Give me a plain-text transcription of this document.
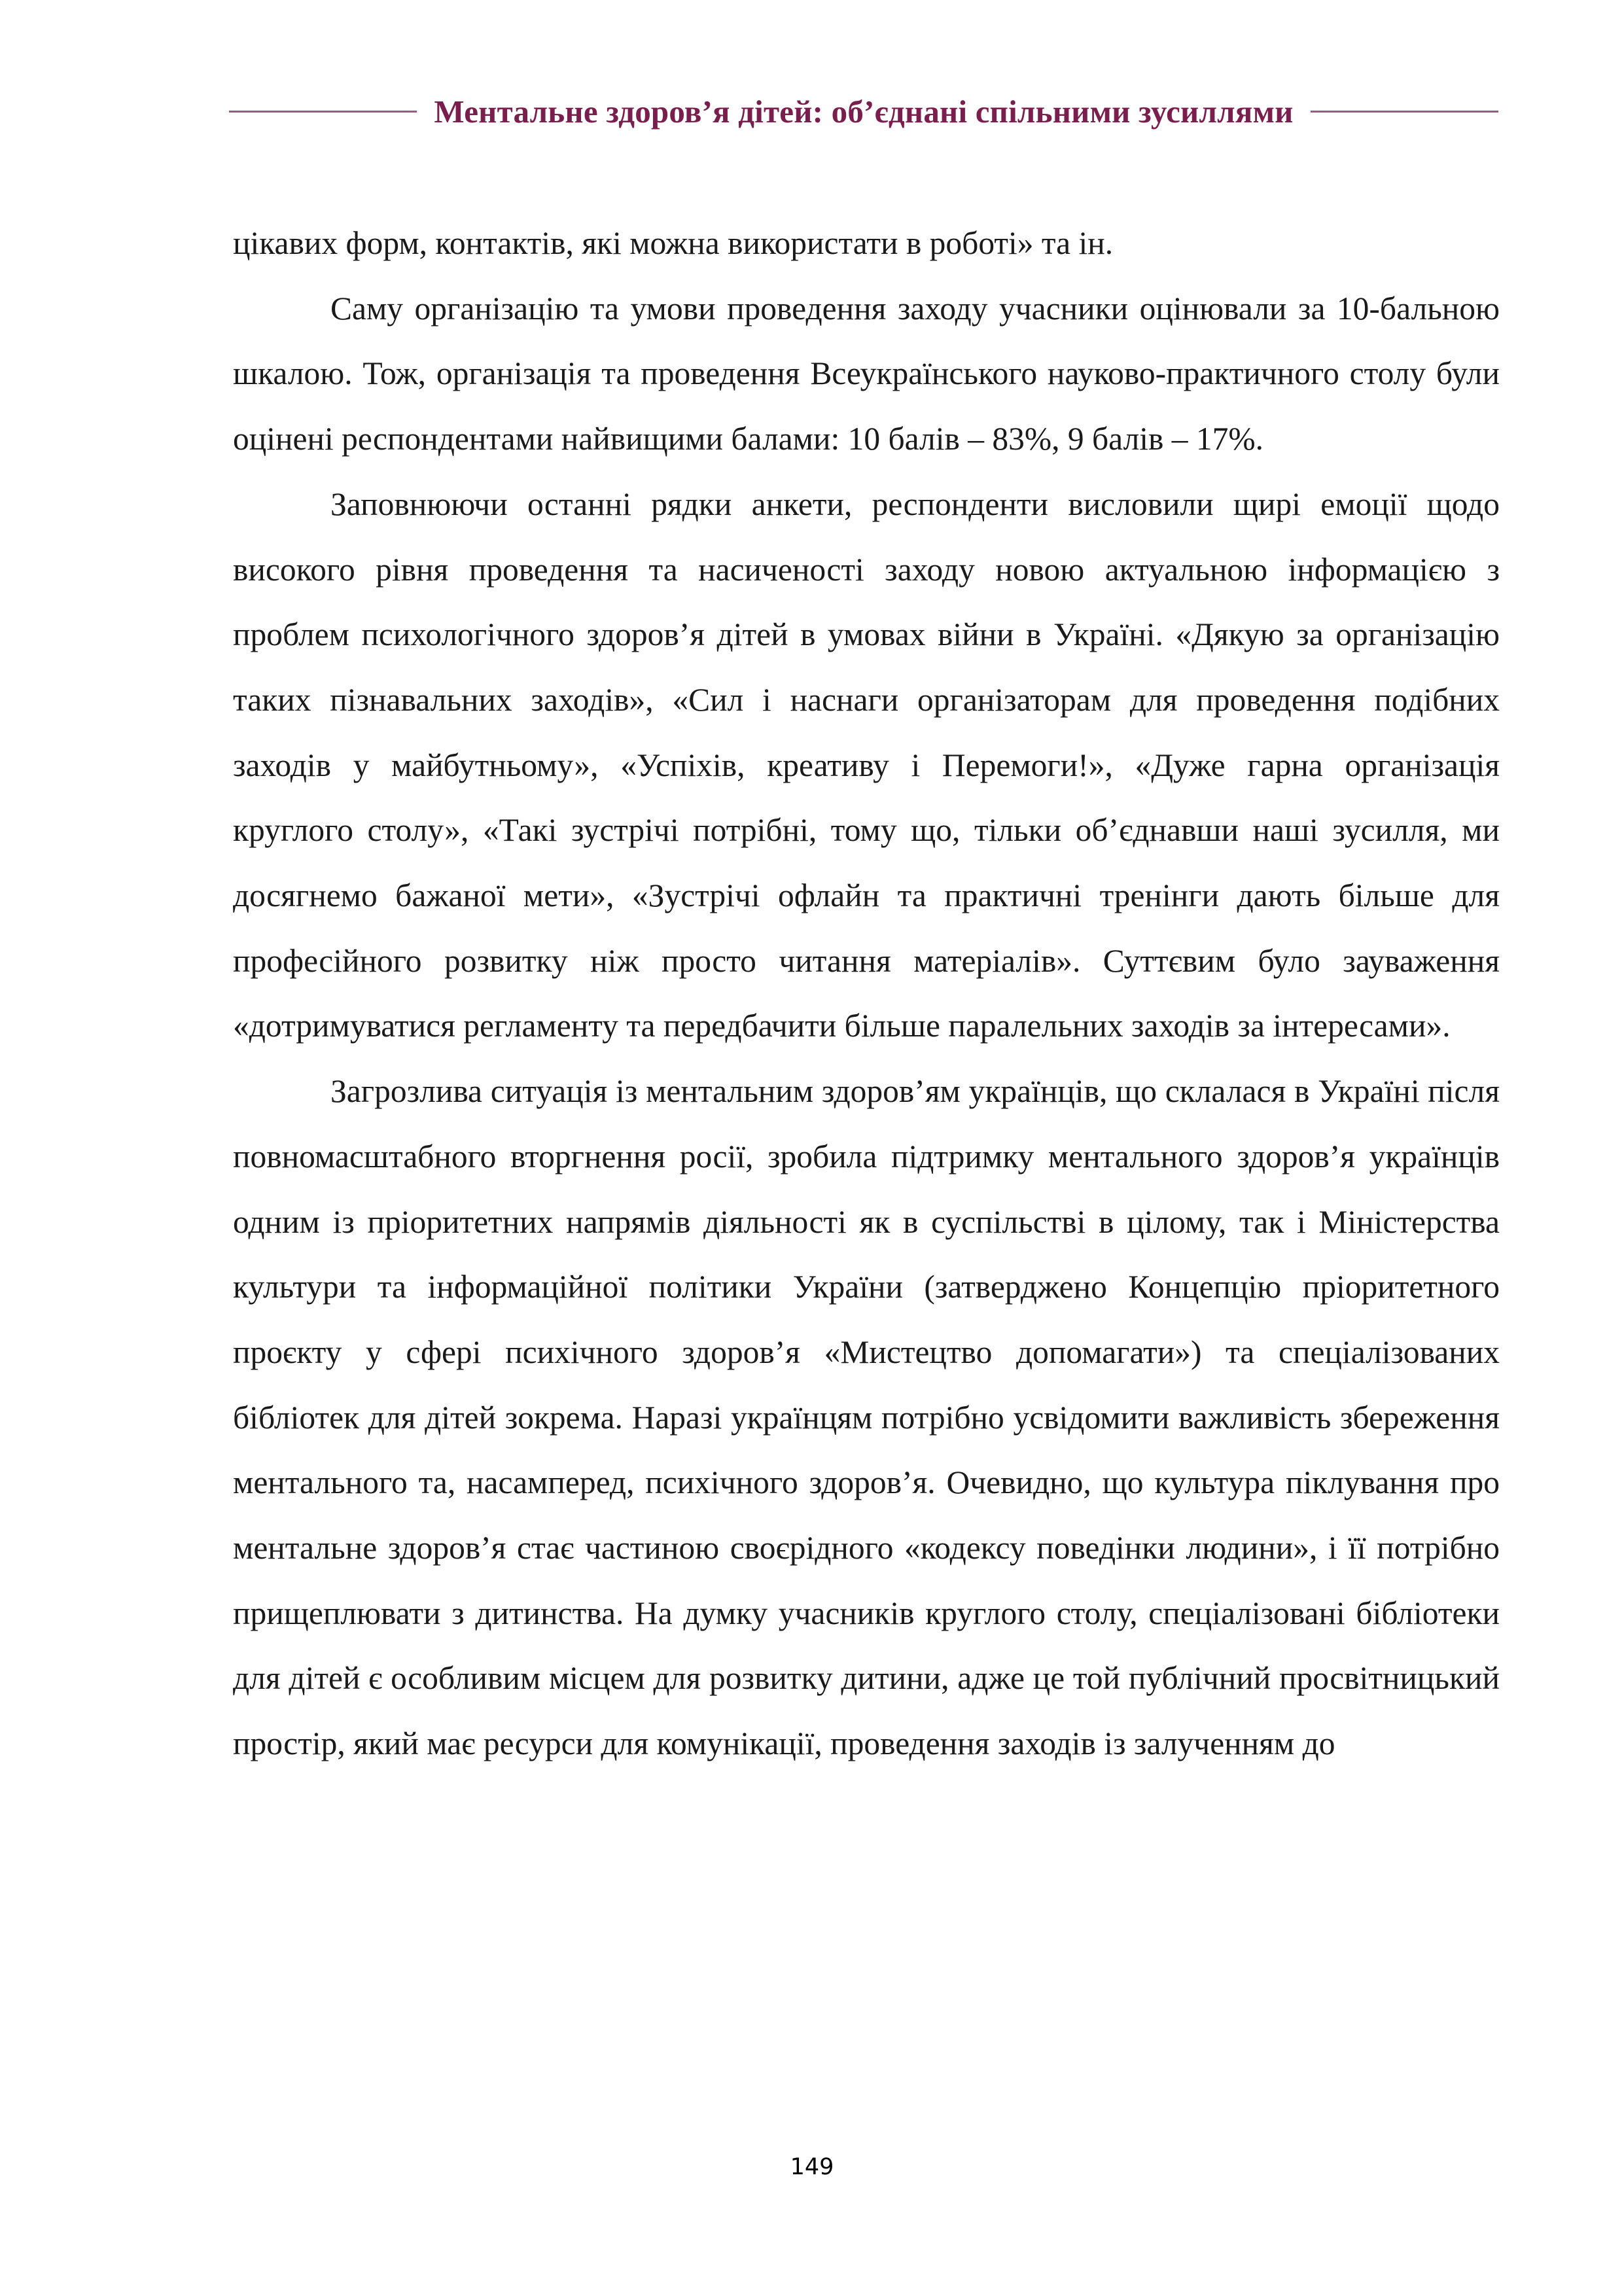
Ментальне здоров’я дітей: об’єднані спільними зусиллями

цікавих форм, контактів, які можна використати в роботі» та ін.

Саму організацію та умови проведення заходу учасники оцінювали за 10-бальною шкалою. Тож, організація та проведення Всеукраїнського науково-практичного столу були оцінені респондентами найвищими балами: 10 балів – 83%, 9 балів – 17%.

Заповнюючи останні рядки анкети, респонденти висловили щирі емоції щодо високого рівня проведення та насиченості заходу новою актуальною інформацією з проблем психологічного здоров’я дітей в умовах війни в Україні. «Дякую за організацію таких пізнавальних заходів», «Сил і наснаги організаторам для проведення подібних заходів у майбутньому», «Успіхів, креативу і Перемоги!», «Дуже гарна організація круглого столу», «Такі зустрічі потрібні, тому що, тільки об’єднавши наші зусилля, ми досягнемо бажаної мети», «Зустрічі офлайн та практичні тренінги дають більше для професійного розвитку ніж просто читання матеріалів». Суттєвим було зауваження «дотримуватися регламенту та передбачити більше паралельних заходів за інтересами».

Загрозлива ситуація із ментальним здоров’ям українців, що склалася в Україні після повномасштабного вторгнення росії, зробила підтримку ментального здоров’я українців одним із пріоритетних напрямів діяльності як в суспільстві в цілому, так і Міністерства культури та інформаційної політики України (затверджено Концепцію пріоритетного проєкту у сфері психічного здоров’я «Мистецтво допомагати») та спеціалізованих бібліотек для дітей зокрема. Наразі українцям потрібно усвідомити важливість збереження ментального та, насамперед, психічного здоров’я. Очевидно, що культура піклування про ментальне здоров’я стає частиною своєрідного «кодексу поведінки людини», і її потрібно прищеплювати з дитинства. На думку учасників круглого столу, спеціалізовані бібліотеки для дітей є особливим місцем для розвитку дитини, адже це той публічний просвітницький простір, який має ресурси для комунікації, проведення заходів із залученням до

149
